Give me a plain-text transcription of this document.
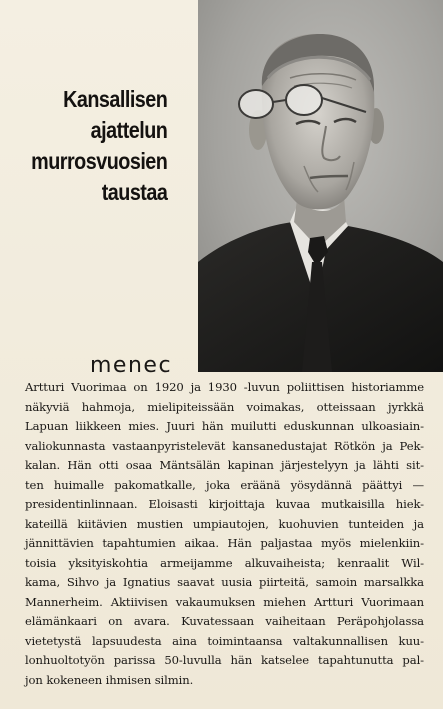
Kansallisen
ajattelun
murrosvuosien
taustaa
menec
Artturi Vuorimaa on 1920 ja 1930 -luvun poliittisen historiamme
näkyviä hahmoja, mielipiteissään voimakas, otteissaan jyrkkä
Lapuan liikkeen mies. Juuri hän muilutti eduskunnan ulkoasiain-
valiokunnasta vastaanpyristelevät kansanedustajat Rötkön ja Pek-
kalan. Hän otti osaa Mäntsälän kapinan järjestelyyn ja lähti sit-
ten huimalle pakomatkalle, joka eräänä yösydännä päättyi —
presidentinlinnaan. Eloisasti kirjoittaja kuvaa mutkaisilla hiek-
kateillä kiitävien mustien umpiautojen, kuohuvien tunteiden ja
jännittävien tapahtumien aikaa. Hän paljastaa myös mielenkiin-
toisia yksityiskohtia armeijamme alkuvaiheista; kenraalit Wil-
kama, Sihvo ja Ignatius saavat uusia piirteitä, samoin marsalkka
Mannerheim. Aktiivisen vakaumuksen miehen Artturi Vuorimaan
elämänkaari on avara. Kuvatessaan vaiheitaan Peräpohjolassa
vietetystä lapsuudesta aina toimintaansa valtakunnallisen kuu-
lonhuoltotyön parissa 50-luvulla hän katselee tapahtunutta pal-
jon kokeneen ihmisen silmin.
